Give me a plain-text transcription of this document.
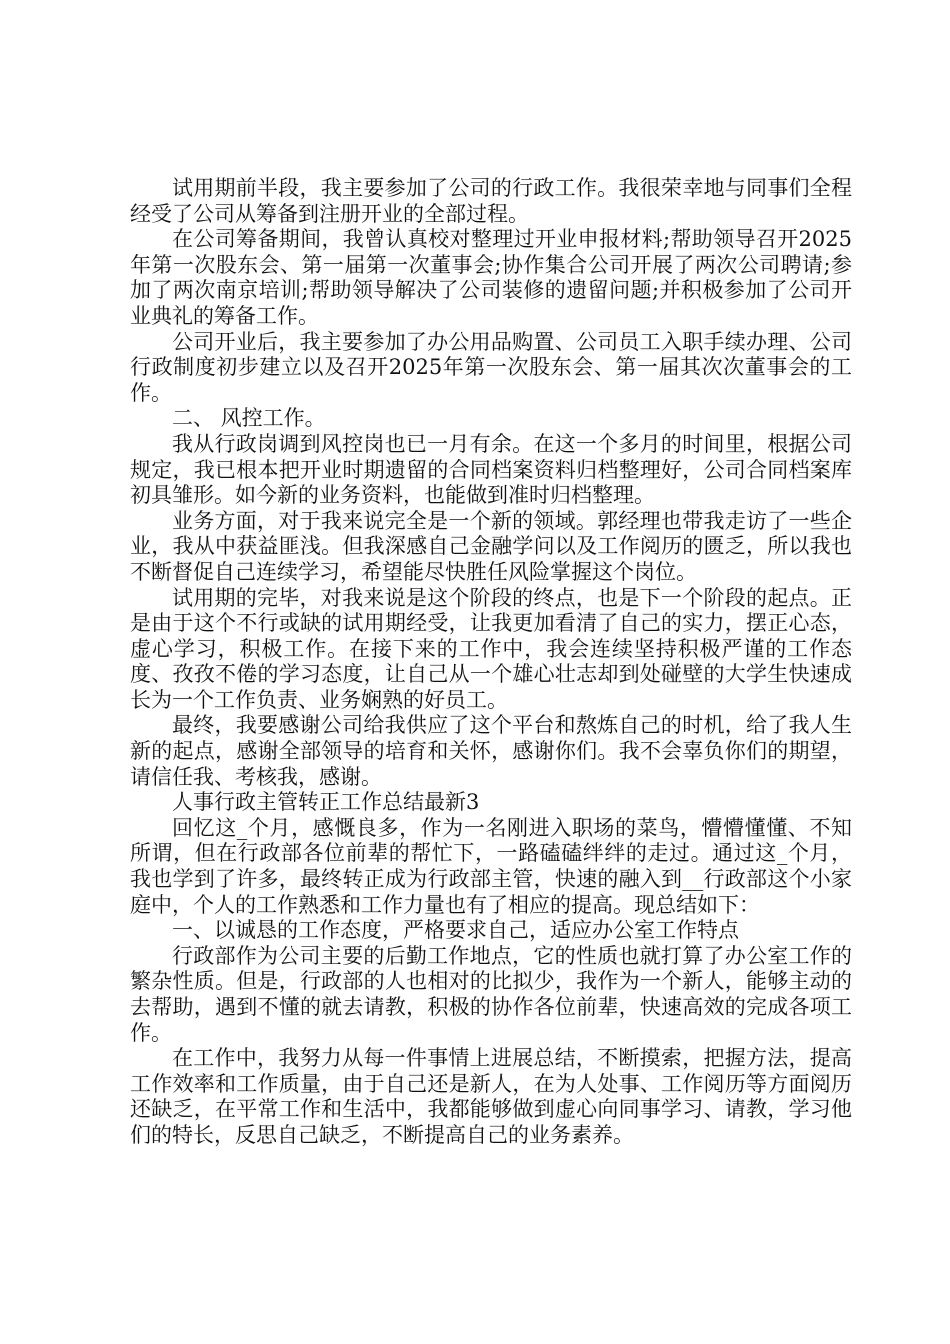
试用期前半段，我主要参加了公司的行政工作。我很荣幸地与同事们全程经受了公司从筹备到注册开业的全部过程。

在公司筹备期间，我曾认真校对整理过开业申报材料;帮助领导召开2025年第一次股东会、第一届第一次董事会;协作集合公司开展了两次公司聘请;参加了两次南京培训;帮助领导解决了公司装修的遗留问题;并积极参加了公司开业典礼的筹备工作。

公司开业后，我主要参加了办公用品购置、公司员工入职手续办理、公司行政制度初步建立以及召开2025年第一次股东会、第一届其次次董事会的工作。

二、 风控工作。

我从行政岗调到风控岗也已一月有余。在这一个多月的时间里，根据公司规定，我已根本把开业时期遗留的合同档案资料归档整理好，公司合同档案库初具雏形。如今新的业务资料，也能做到准时归档整理。

业务方面，对于我来说完全是一个新的领域。郭经理也带我走访了一些企业，我从中获益匪浅。但我深感自己金融学问以及工作阅历的匮乏，所以我也不断督促自己连续学习，希望能尽快胜任风险掌握这个岗位。

试用期的完毕，对我来说是这个阶段的终点，也是下一个阶段的起点。正是由于这个不行或缺的试用期经受，让我更加看清了自己的实力，摆正心态，虚心学习，积极工作。在接下来的工作中，我会连续坚持积极严谨的工作态度、孜孜不倦的学习态度，让自己从一个雄心壮志却到处碰壁的大学生快速成长为一个工作负责、业务娴熟的好员工。

最终，我要感谢公司给我供应了这个平台和熬炼自己的时机，给了我人生新的起点，感谢全部领导的培育和关怀，感谢你们。我不会辜负你们的期望，请信任我、考核我，感谢。

人事行政主管转正工作总结最新3

回忆这_个月，感慨良多，作为一名刚进入职场的菜鸟，懵懵懂懂、不知所谓，但在行政部各位前辈的帮忙下，一路磕磕绊绊的走过。通过这_个月，我也学到了许多，最终转正成为行政部主管，快速的融入到__行政部这个小家庭中，个人的工作熟悉和工作力量也有了相应的提高。现总结如下：

一、以诚恳的工作态度，严格要求自己，适应办公室工作特点

行政部作为公司主要的后勤工作地点，它的性质也就打算了办公室工作的繁杂性质。但是，行政部的人也相对的比拟少，我作为一个新人，能够主动的去帮助，遇到不懂的就去请教，积极的协作各位前辈，快速高效的完成各项工作。

在工作中，我努力从每一件事情上进展总结，不断摸索，把握方法，提高工作效率和工作质量，由于自己还是新人，在为人处事、工作阅历等方面阅历还缺乏，在平常工作和生活中，我都能够做到虚心向同事学习、请教，学习他们的特长，反思自己缺乏，不断提高自己的业务素养。
